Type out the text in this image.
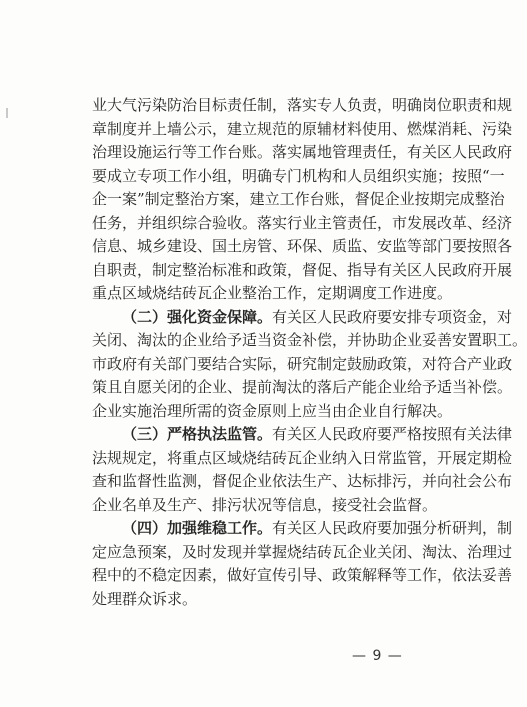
业大气污染防治目标责任制，落实专人负责，明确岗位职责和规
章制度并上墙公示，建立规范的原辅材料使用、燃煤消耗、污染
治理设施运行等工作台账。落实属地管理责任，有关区人民政府
要成立专项工作小组，明确专门机构和人员组织实施；按照“一
企一案”制定整治方案，建立工作台账，督促企业按期完成整治
任务，并组织综合验收。落实行业主管责任，市发展改革、经济
信息、城乡建设、国土房管、环保、质监、安监等部门要按照各
自职责，制定整治标准和政策，督促、指导有关区人民政府开展
重点区域烧结砖瓦企业整治工作，定期调度工作进度。
（二）强化资金保障。有关区人民政府要安排专项资金，对
关闭、淘汰的企业给予适当资金补偿，并协助企业妥善安置职工。
市政府有关部门要结合实际，研究制定鼓励政策，对符合产业政
策且自愿关闭的企业、提前淘汰的落后产能企业给予适当补偿。
企业实施治理所需的资金原则上应当由企业自行解决。
（三）严格执法监管。有关区人民政府要严格按照有关法律
法规规定，将重点区域烧结砖瓦企业纳入日常监管，开展定期检
查和监督性监测，督促企业依法生产、达标排污，并向社会公布
企业名单及生产、排污状况等信息，接受社会监督。
（四）加强维稳工作。有关区人民政府要加强分析研判，制
定应急预案，及时发现并掌握烧结砖瓦企业关闭、淘汰、治理过
程中的不稳定因素，做好宣传引导、政策解释等工作，依法妥善
处理群众诉求。
— 9 —
